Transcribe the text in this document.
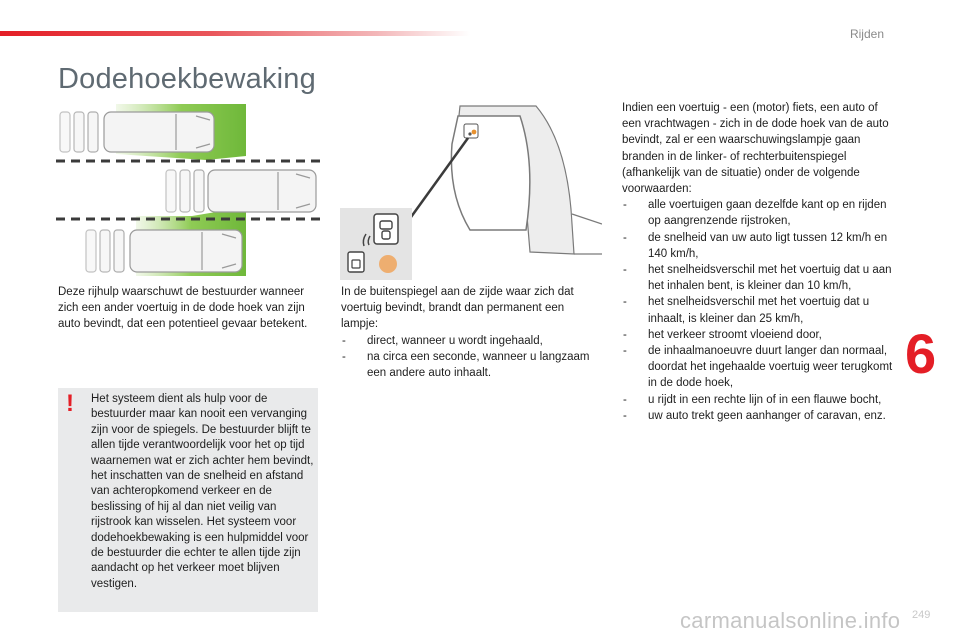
Rijden
Dodehoekbewaking

Deze rijhulp waarschuwt de bestuurder wanneer zich een ander voertuig in de dode hoek van zijn auto bevindt, dat een potentieel gevaar betekent.

! Het systeem dient als hulp voor de bestuurder maar kan nooit een vervanging zijn voor de spiegels. De bestuurder blijft te allen tijde verantwoordelijk voor het op tijd waarnemen wat er zich achter hem bevindt, het inschatten van de snelheid en afstand van achteropkomend verkeer en de beslissing of hij al dan niet veilig van rijstrook kan wisselen. Het systeem voor dodehoekbewaking is een hulpmiddel voor de bestuurder die echter te allen tijde zijn aandacht op het verkeer moet blijven vestigen.

In de buitenspiegel aan de zijde waar zich dat voertuig bevindt, brandt dan permanent een lampje:

- direct, wanneer u wordt ingehaald,
- na circa een seconde, wanneer u langzaam een andere auto inhaalt.

Indien een voertuig - een (motor) fiets, een auto of een vrachtwagen - zich in de dode hoek van de auto bevindt, zal er een waarschuwingslampje gaan branden in de linker- of rechterbuitenspiegel (afhankelijk van de situatie) onder de volgende voorwaarden:

- alle voertuigen gaan dezelfde kant op en rijden op aangrenzende rijstroken,
- de snelheid van uw auto ligt tussen 12 km/h en 140 km/h,
- het snelheidsverschil met het voertuig dat u aan het inhalen bent, is kleiner dan 10 km/h,
- het snelheidsverschil met het voertuig dat u inhaalt, is kleiner dan 25 km/h,
- het verkeer stroomt vloeiend door,
- de inhaalmanoeuvre duurt langer dan normaal, doordat het ingehaalde voertuig weer terugkomt in de dode hoek,
- u rijdt in een rechte lijn of in een flauwe bocht,
- uw auto trekt geen aanhanger of caravan, enz.
6
249
carmanualsonline.info
